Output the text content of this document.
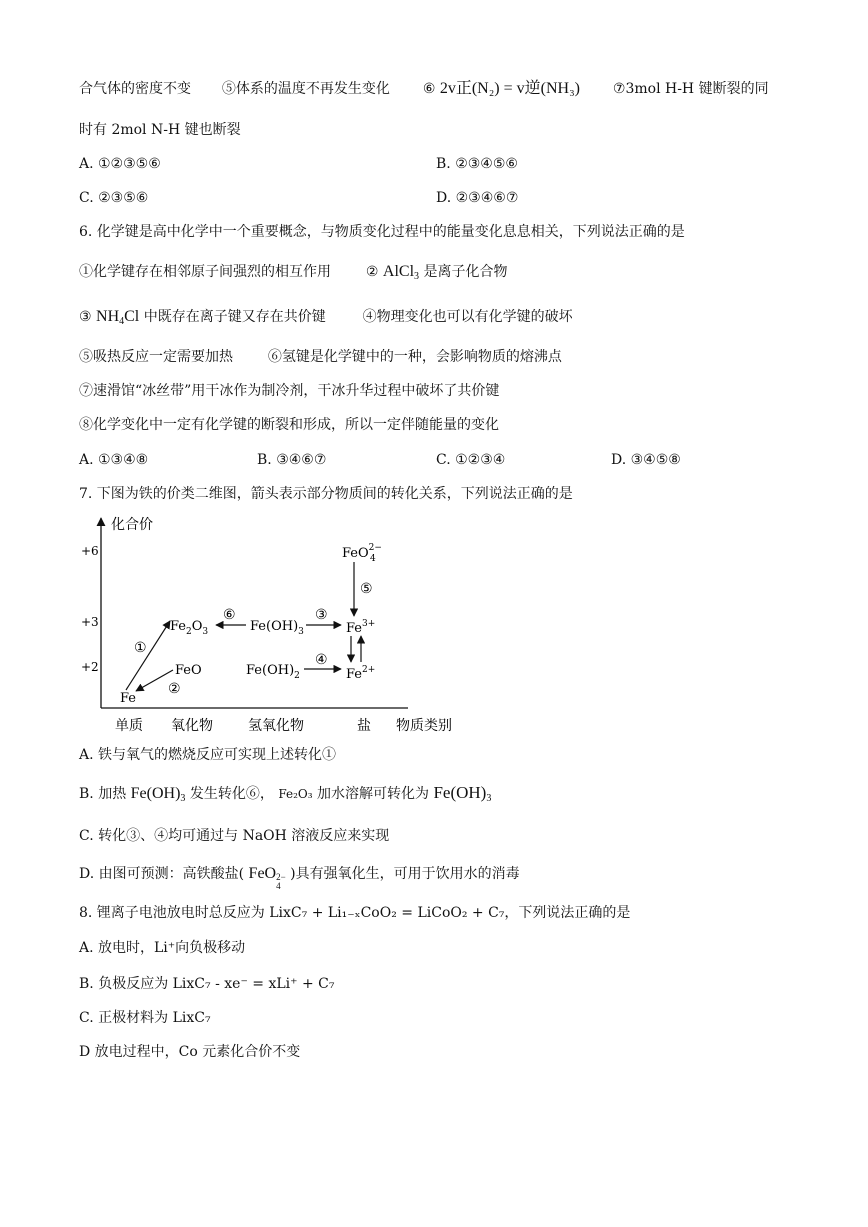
合气体的密度不变 ⑤体系的温度不再发生变化 ⑥ 2v正(N₂) = v逆(NH₃) ⑦3mol H-H 键断裂的同
时有 2mol N-H 键也断裂
A. ①②③⑤⑥	B. ②③④⑤⑥
C. ②③⑤⑥	D. ②③④⑥⑦
6. 化学键是高中化学中一个重要概念，与物质变化过程中的能量变化息息相关，下列说法正确的是
①化学键存在相邻原子间强烈的相互作用 ② AlCl$_3$ 是离子化合物
③ $NH_4Cl$ 中既存在离子键又存在共价键	④物理变化也可以有化学键的破坏
⑤吸热反应一定需要加热 ⑥氢键是化学键中的一种，会影响物质的熔沸点
⑦速滑馆“冰丝带”用干冰作为制冷剂，干冰升华过程中破坏了共价键
⑧化学变化中一定有化学键的断裂和形成，所以一定伴随能量的变化
A. ①③④⑧	B. ③④⑥⑦	C. ①②③④	D. ③④⑤⑧
7. 下图为铁的价类二维图，箭头表示部分物质间的转化关系，下列说法正确的是
化合价
+6
+3
+2
单质 氧化物	氢氧化物	盐 物质类别
Fe
$Fe_2O_3$
FeO
$Fe(OH)_3$
$Fe(OH)_2$
$Fe^{3+}$
$Fe^{2+}$
FeO$^{2-}$ 4
①
②
③
④
⑤
⑥
A. 铁与氧气的燃烧反应可实现上述转化①
B. 加热 $Fe(OH)_3$ 发生转化⑥， Fe₂O₃ 加水溶解可转化为 $Fe(OH)_3$
C. 转化③、④均可通过与 NaOH 溶液反应来实现
D. 由图可预测：高铁酸盐( FeO 2−
4
)具有强氧化生，可用于饮用水的消毒
8. 锂离子电池放电时总反应为 LixC₇ + Li₁₋ₓCoO₂ = LiCoO₂ + C₇，下列说法正确的是
A. 放电时，Li⁺向负极移动
B. 负极反应为 LixC₇ - xe⁻ = xLi⁺ + C₇
C. 正极材料为 LixC₇
D 放电过程中，Co 元素化合价不变
